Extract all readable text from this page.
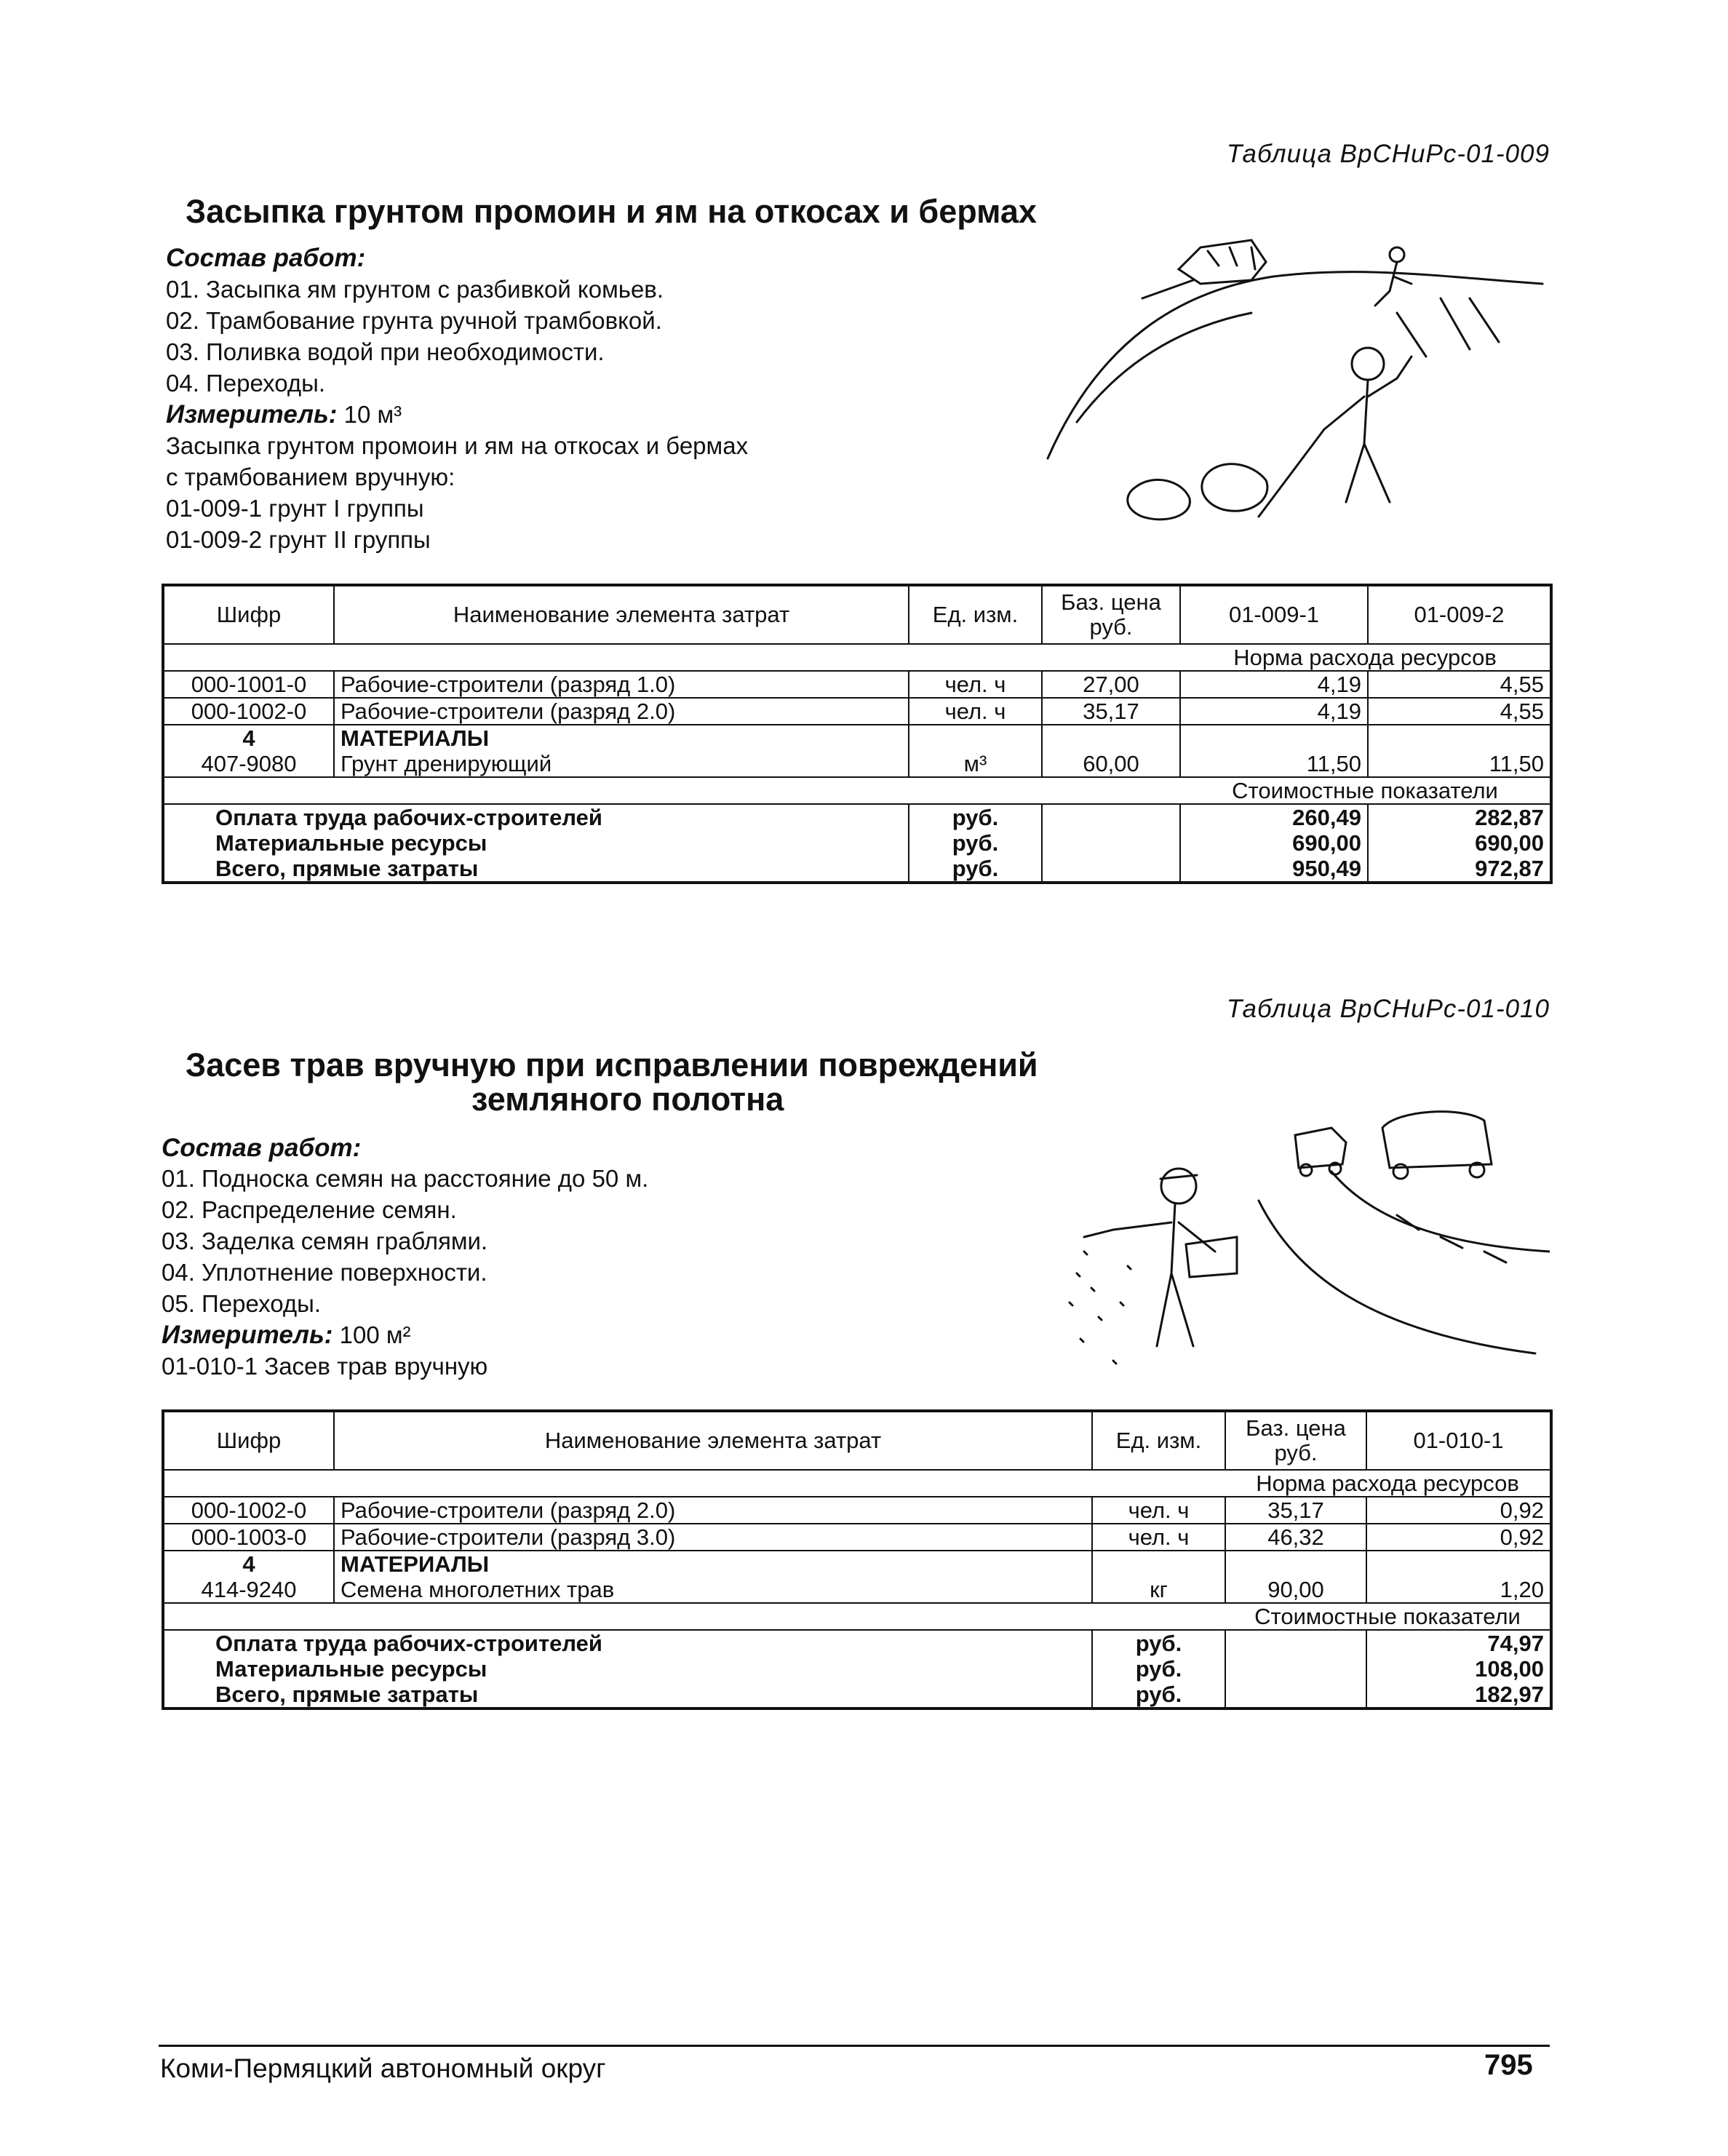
Таблица ВрСНиРс-01-009
Засыпка грунтом промоин и ям на откосах и бермах
Состав работ:
01. Засыпка ям грунтом с разбивкой комьев.
02. Трамбование грунта ручной трамбовкой.
03. Поливка водой при необходимости.
04. Переходы.
Измеритель: 10 м³
Засыпка грунтом промоин и ям на откосах и бермах
с трамбованием вручную:
01-009-1 грунт I группы
01-009-2 грунт II группы
Шифр	Наименование элемента затрат	Ед. изм.	Баз. цена руб.	01-009-1	01-009-2
				Норма расхода ресурсов	
000-1001-0	Рабочие-строители (разряд 1.0)	чел. ч	27,00	4,19	4,55
000-1002-0	Рабочие-строители (разряд 2.0)	чел. ч	35,17	4,19	4,55
4	МАТЕРИАЛЫ				
407-9080	Грунт дренирующий	м³	60,00	11,50	11,50
				Стоимостные показатели	
Оплата труда рабочих-строителей		руб.		260,49	282,87
Материальные ресурсы		руб.		690,00	690,00
Всего, прямые затраты		руб.		950,49	972,87
Таблица ВрСНиРс-01-010
Засев трав вручную при исправлении повреждений
земляного полотна
Состав работ:
01. Подноска семян на расстояние до 50 м.
02. Распределение семян.
03. Заделка семян граблями.
04. Уплотнение поверхности.
05. Переходы.
Измеритель: 100 м²
01-010-1 Засев трав вручную
Шифр	Наименование элемента затрат	Ед. изм.	Баз. цена руб.	01-010-1
			Норма расхода ресурсов	
000-1002-0	Рабочие-строители (разряд 2.0)	чел. ч	35,17	0,92
000-1003-0	Рабочие-строители (разряд 3.0)	чел. ч	46,32	0,92
4	МАТЕРИАЛЫ			
414-9240	Семена многолетних трав	кг	90,00	1,20
			Стоимостные показатели	
Оплата труда рабочих-строителей		руб.		74,97
Материальные ресурсы		руб.		108,00
Всего, прямые затраты		руб.		182,97
Коми-Пермяцкий автономный округ	795
